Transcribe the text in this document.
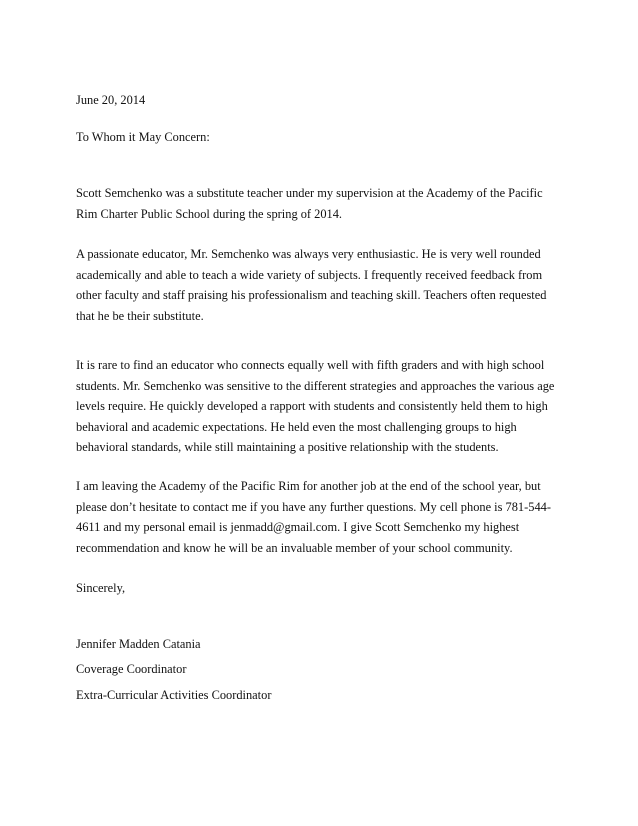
June 20, 2014

To Whom it May Concern:

Scott Semchenko was a substitute teacher under my supervision at the Academy of the Pacific
Rim Charter Public School during the spring of 2014.
A passionate educator, Mr. Semchenko was always very enthusiastic. He is very well rounded
academically and able to teach a wide variety of subjects. I frequently received feedback from
other faculty and staff praising his professionalism and teaching skill. Teachers often requested
that he be their substitute.
It is rare to find an educator who connects equally well with fifth graders and with high school
students. Mr. Semchenko was sensitive to the different strategies and approaches the various age
levels require. He quickly developed a rapport with students and consistently held them to high
behavioral and academic expectations. He held even the most challenging groups to high
behavioral standards, while still maintaining a positive relationship with the students.
I am leaving the Academy of the Pacific Rim for another job at the end of the school year, but
please don’t hesitate to contact me if you have any further questions. My cell phone is 781-544-
4611 and my personal email is jenmadd@gmail.com. I give Scott Semchenko my highest
recommendation and know he will be an invaluable member of your school community.

Sincerely,

Jennifer Madden Catania

Coverage Coordinator

Extra-Curricular Activities Coordinator
